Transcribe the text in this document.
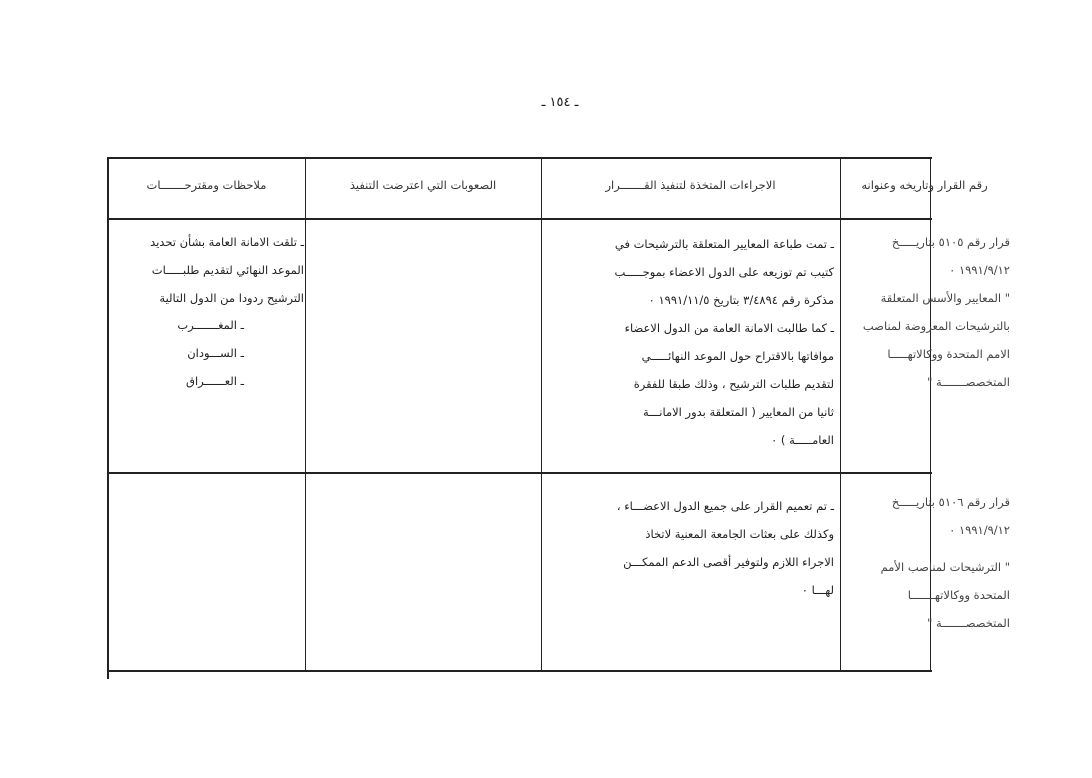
ـ ١٥٤ ـ
رقم القرار وتاريخه وعنوانه
الاجراءات المتخذة لتنفيذ القـــــــرار
الصعوبات التي اعترضت التنفيذ
ملاحظات ومقترحـــــــات
قرار رقم ٥١٠٥ بتاريـــــخ
١٩٩١/٩/١٢ ٠
" المعايير والأسس المتعلقة
بالترشيحات المعروضة لمناصب
الامم المتحدة ووكالاتهـــــا
المتخصصـــــــة "
ـ تمت طباعة المعايير المتعلقة بالترشيحات في
كتيب تم توزيعه على الدول الاعضاء بموجـــــب
مذكرة رقم ٣/٤٨٩٤ بتاريخ ١٩٩١/١١/٥ ٠
ـ كما طالبت الامانة العامة من الدول الاعضاء
موافاتها بالاقتراح حول الموعد النهائـــــي
لتقديم طلبات الترشيح ، وذلك طبقا للفقرة
ثانيا من المعايير ( المتعلقة بدور الامانـــة
العامـــــة ) ٠
ـ تلقت الامانة العامة بشأن تحديد
الموعد النهائي لتقديم طلبـــــات
الترشيح ردودا من الدول التالية
ـ المغـــــــرب
ـ الســـودان
ـ العــــــراق
قرار رقم ٥١٠٦ بتاريـــــخ
١٩٩١/٩/١٢ ٠
" الترشيحات لمناصب الأمم
المتحدة ووكالاتهـــــــا
المتخصصـــــــة "
ـ تم تعميم القرار على جميع الدول الاعضـــاء ،
وكذلك على بعثات الجامعة المعنية لاتخاذ
الاجراء اللازم ولتوفير أقصى الدعم الممكـــن
لهـــا ٠
